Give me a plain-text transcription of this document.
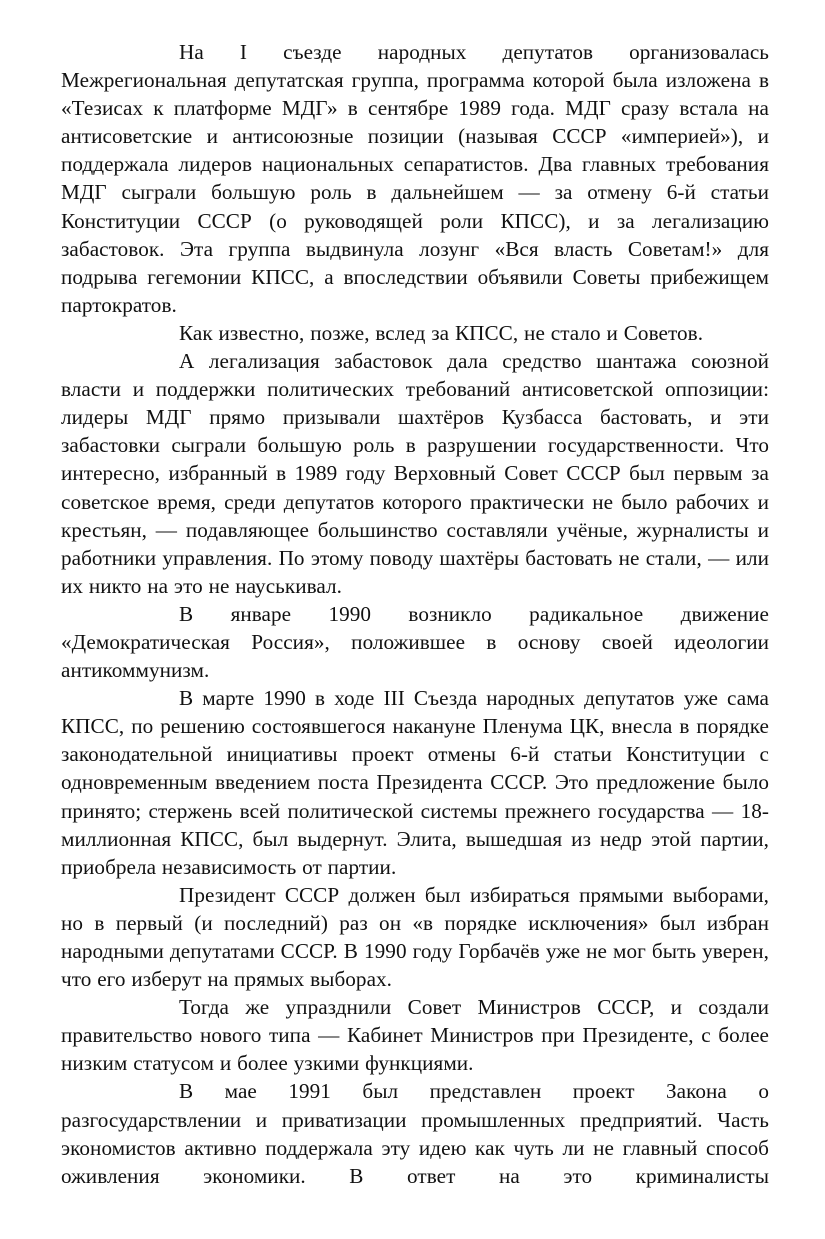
На I съезде народных депутатов организовалась Межрегиональная депутатская группа, программа которой была изложена в «Тезисах к платформе МДГ» в сентябре 1989 года. МДГ сразу встала на антисоветские и антисоюзные позиции (называя СССР «империей»), и поддержала лидеров национальных сепаратистов. Два главных требования МДГ сыграли большую роль в дальнейшем — за отмену 6-й статьи Конституции СССР (о руководящей роли КПСС), и за легализацию забастовок. Эта группа выдвинула лозунг «Вся власть Советам!» для подрыва гегемонии КПСС, а впоследствии объявили Советы прибежищем партократов.

Как известно, позже, вслед за КПСС, не стало и Советов.

А легализация забастовок дала средство шантажа союзной власти и поддержки политических требований антисоветской оппозиции: лидеры МДГ прямо призывали шахтёров Кузбасса бастовать, и эти забастовки сыграли большую роль в разрушении государственности. Что интересно, избранный в 1989 году Верховный Совет СССР был первым за советское время, среди депутатов которого практически не было рабочих и крестьян, — подавляющее большинство составляли учёные, журналисты и работники управления. По этому поводу шахтёры бастовать не стали, — или их никто на это не науськивал.

В январе 1990 возникло радикальное движение «Демократическая Россия», положившее в основу своей идеологии антикоммунизм.

В марте 1990 в ходе III Съезда народных депутатов уже сама КПСС, по решению состоявшегося накануне Пленума ЦК, внесла в порядке законодательной инициативы проект отмены 6-й статьи Конституции с одновременным введением поста Президента СССР. Это предложение было принято; стержень всей политической системы прежнего государства — 18-миллионная КПСС, был выдернут. Элита, вышедшая из недр этой партии, приобрела независимость от партии.

Президент СССР должен был избираться прямыми выборами, но в первый (и последний) раз он «в порядке исключения» был избран народными депутатами СССР. В 1990 году Горбачёв уже не мог быть уверен, что его изберут на прямых выборах.

Тогда же упразднили Совет Министров СССР, и создали правительство нового типа — Кабинет Министров при Президенте, с более низким статусом и более узкими функциями.

В мае 1991 был представлен проект Закона о разгосударствлении и приватизации промышленных предприятий. Часть экономистов активно поддержала эту идею как чуть ли не главный способ оживления экономики. В ответ на это криминалисты
